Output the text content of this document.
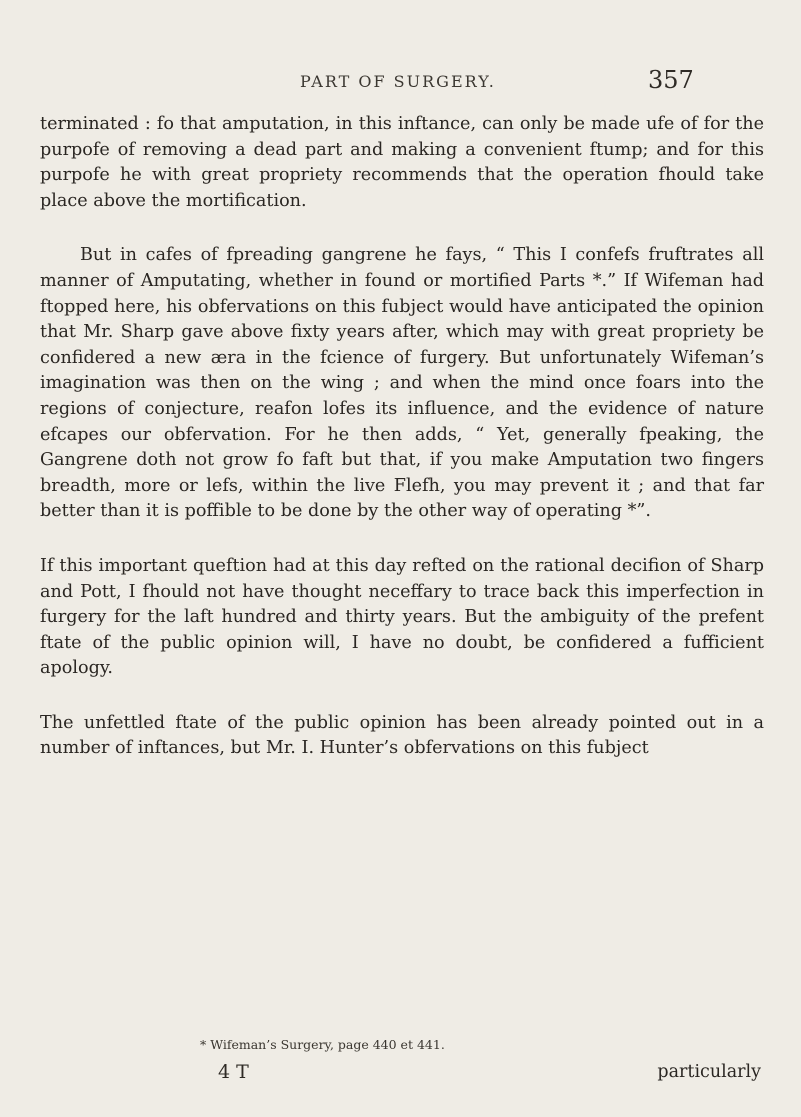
PART OF SURGERY.	357

terminated : fo that amputation, in this inftance, can only be made ufe of for the purpofe of removing a dead part and making a convenient ftump; and for this purpofe he with great propriety recommends that the operation fhould take place above the mortification.

But in cafes of fpreading gangrene he fays, “ This I confefs fruftrates all manner of Amputating, whether in found or mortified Parts *.” If Wifeman had ftopped here, his obfervations on this fubject would have anticipated the opinion that Mr. Sharp gave above fixty years after, which may with great propriety be confidered a new æra in the fcience of furgery. But unfortunately Wifeman’s imagination was then on the wing ; and when the mind once foars into the regions of conjecture, reafon lofes its influence, and the evidence of nature efcapes our obfervation. For he then adds, “ Yet, generally fpeaking, the Gangrene doth not grow fo faft but that, if you make Amputation two fingers breadth, more or lefs, within the live Flefh, you may prevent it ; and that far better than it is poffible to be done by the other way of operating *”.

If this important queftion had at this day refted on the rational decifion of Sharp and Pott, I fhould not have thought neceffary to trace back this imperfection in furgery for the laft hundred and thirty years. But the ambiguity of the prefent ftate of the public opinion will, I have no doubt, be confidered a fufficient apology.

The unfettled ftate of the public opinion has been already pointed out in a number of inftances, but Mr. I. Hunter’s obfervations on this fubject

* Wifeman’s Surgery, page 440 et 441.
4 T	particularly
